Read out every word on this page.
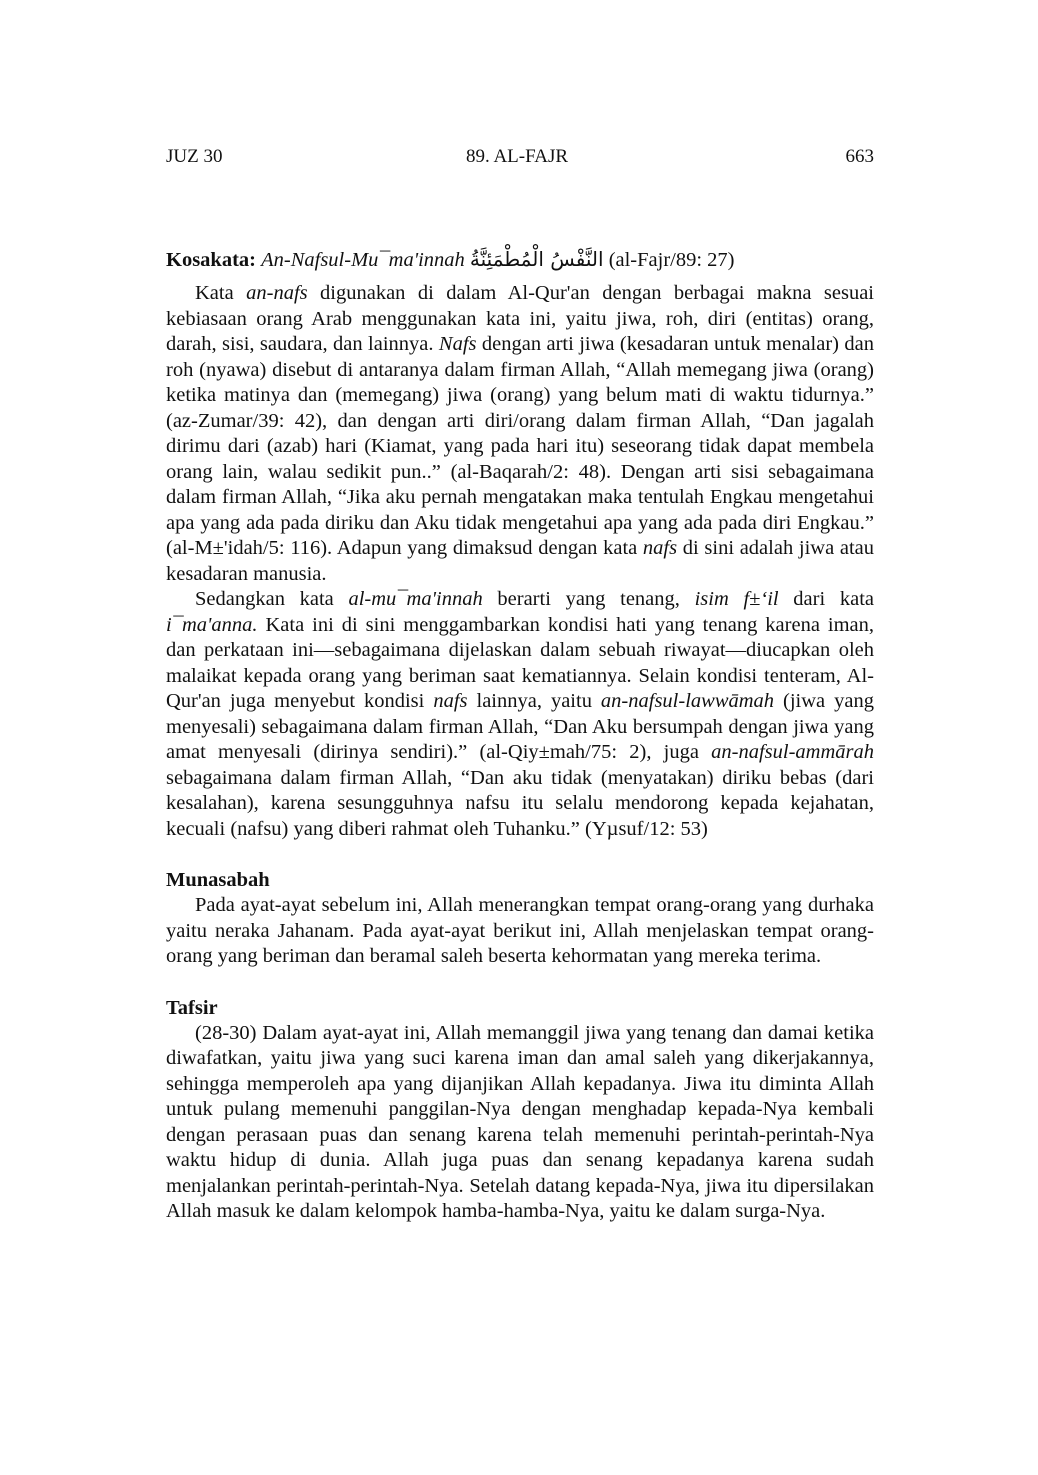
JUZ 30	89. AL-FAJR	663
Kosakata: An-Nafsul-Mu¯ma'innah النَّفْسُ الْمُطْمَئِنَّةُ (al-Fajr/89: 27)

Kata an-nafs digunakan di dalam Al-Qur'an dengan berbagai makna sesuai kebiasaan orang Arab menggunakan kata ini, yaitu jiwa, roh, diri (entitas) orang, darah, sisi, saudara, dan lainnya. Nafs dengan arti jiwa (kesadaran untuk menalar) dan roh (nyawa) disebut di antaranya dalam firman Allah, “Allah memegang jiwa (orang) ketika matinya dan (memegang) jiwa (orang) yang belum mati di waktu tidurnya.” (az-Zumar/39: 42), dan dengan arti diri/orang dalam firman Allah, “Dan jagalah dirimu dari (azab) hari (Kiamat, yang pada hari itu) seseorang tidak dapat membela orang lain, walau sedikit pun..” (al-Baqarah/2: 48). Dengan arti sisi sebagaimana dalam firman Allah, “Jika aku pernah mengatakan maka tentulah Engkau mengetahui apa yang ada pada diriku dan Aku tidak mengetahui apa yang ada pada diri Engkau.” (al-M±'idah/5: 116). Adapun yang dimaksud dengan kata nafs di sini adalah jiwa atau kesadaran manusia.

Sedangkan kata al-mu¯ma'innah berarti yang tenang, isim f±‘il dari kata i¯ma'anna. Kata ini di sini menggambarkan kondisi hati yang tenang karena iman, dan perkataan ini—sebagaimana dijelaskan dalam sebuah riwayat—diucapkan oleh malaikat kepada orang yang beriman saat kematiannya. Selain kondisi tenteram, Al-Qur'an juga menyebut kondisi nafs lainnya, yaitu an-nafsul-lawwāmah (jiwa yang menyesali) sebagaimana dalam firman Allah, “Dan Aku bersumpah dengan jiwa yang amat menyesali (dirinya sendiri).” (al-Qiy±mah/75: 2), juga an-nafsul-ammārah sebagaimana dalam firman Allah, “Dan aku tidak (menyatakan) diriku bebas (dari kesalahan), karena sesungguhnya nafsu itu selalu mendorong kepada kejahatan, kecuali (nafsu) yang diberi rahmat oleh Tuhanku.” (Yµsuf/12: 53)

Munasabah

Pada ayat-ayat sebelum ini, Allah menerangkan tempat orang-orang yang durhaka yaitu neraka Jahanam. Pada ayat-ayat berikut ini, Allah menjelaskan tempat orang-orang yang beriman dan beramal saleh beserta kehormatan yang mereka terima.

Tafsir

(28-30) Dalam ayat-ayat ini, Allah memanggil jiwa yang tenang dan damai ketika diwafatkan, yaitu jiwa yang suci karena iman dan amal saleh yang dikerjakannya, sehingga memperoleh apa yang dijanjikan Allah kepadanya. Jiwa itu diminta Allah untuk pulang memenuhi panggilan-Nya dengan menghadap kepada-Nya kembali dengan perasaan puas dan senang karena telah memenuhi perintah-perintah-Nya waktu hidup di dunia. Allah juga puas dan senang kepadanya karena sudah menjalankan perintah-perintah-Nya. Setelah datang kepada-Nya, jiwa itu dipersilakan Allah masuk ke dalam kelompok hamba-hamba-Nya, yaitu ke dalam surga-Nya.
